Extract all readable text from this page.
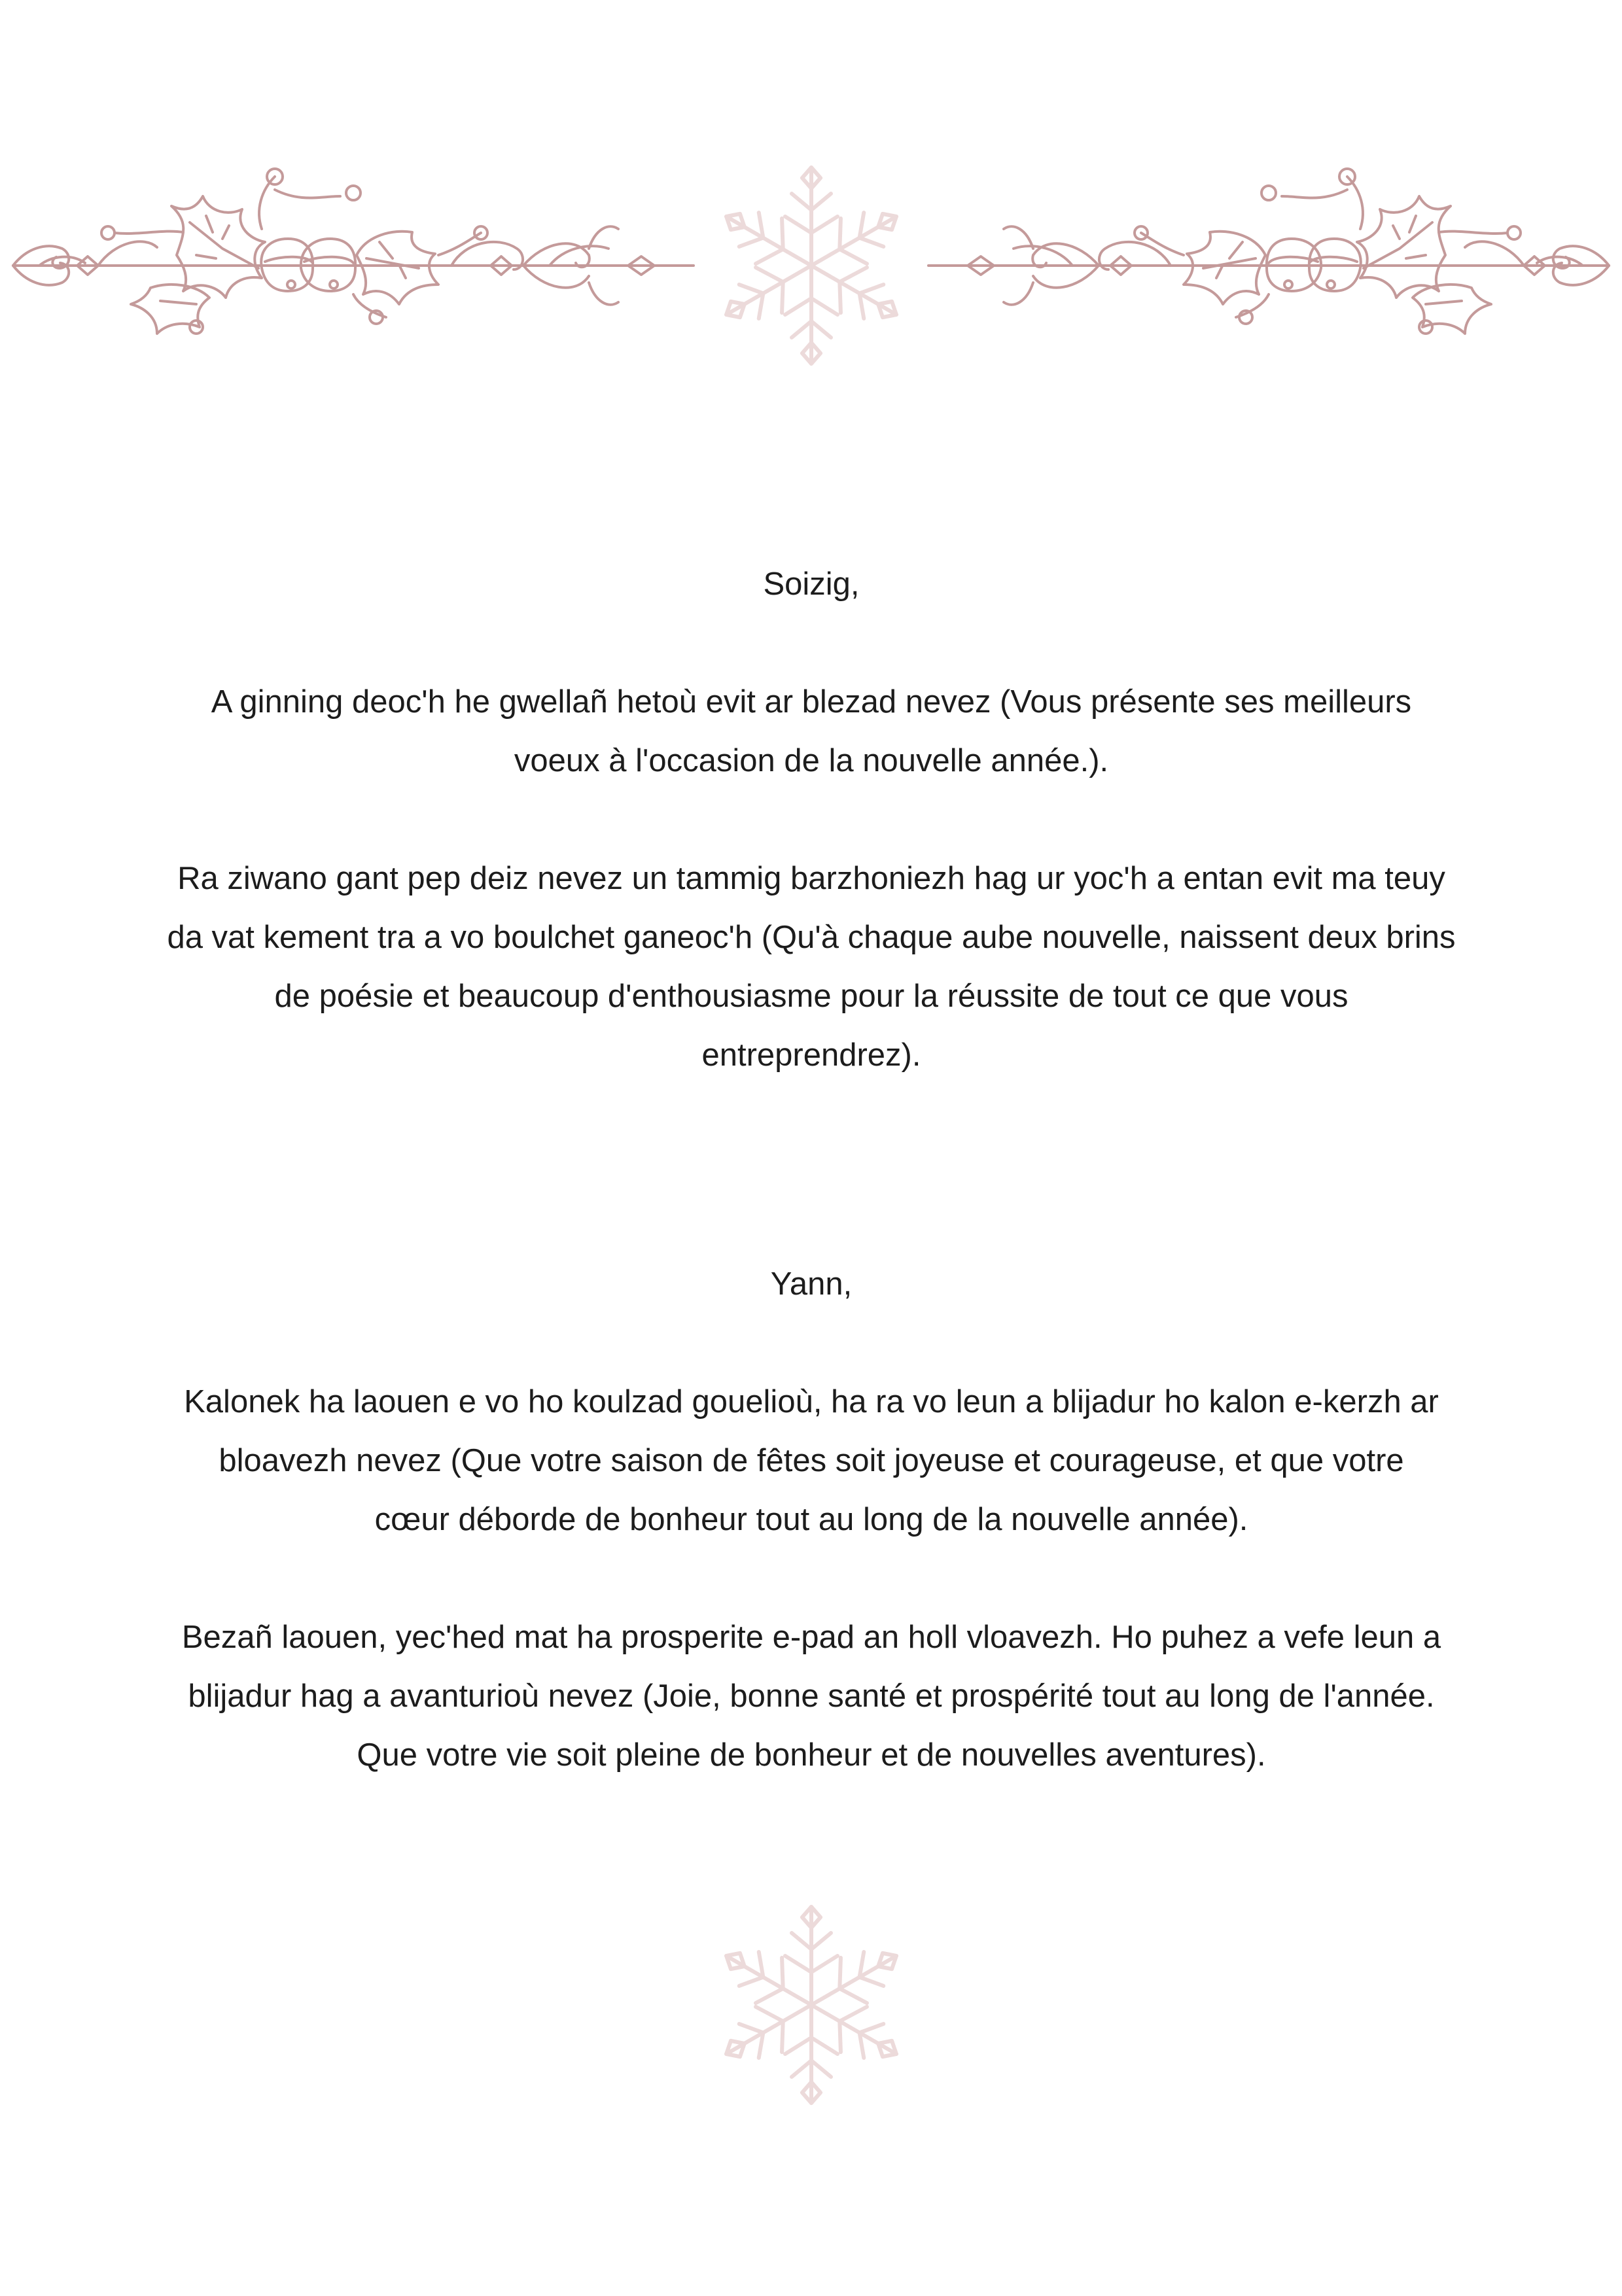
Soizig,

A ginning deoc'h he gwellañ hetoù evit ar blezad nevez (Vous présente ses meilleurs voeux à l'occasion de la nouvelle année.).

Ra ziwano gant pep deiz nevez un tammig barzhoniezh hag ur yoc'h a entan evit ma teuy da vat kement tra a vo boulchet ganeoc'h (Qu'à chaque aube nouvelle, naissent deux brins de poésie et beaucoup d'enthousiasme pour la réussite de tout ce que vous entreprendrez).

Yann,

Kalonek ha laouen e vo ho koulzad gouelioù, ha ra vo leun a blijadur ho kalon e-kerzh ar bloavezh nevez (Que votre saison de fêtes soit joyeuse et courageuse, et que votre cœur déborde de bonheur tout au long de la nouvelle année).

Bezañ laouen, yec'hed mat ha prosperite e-pad an holl vloavezh. Ho puhez a vefe leun a blijadur hag a avanturioù nevez (Joie, bonne santé et prospérité tout au long de l'année. Que votre vie soit pleine de bonheur et de nouvelles aventures).
